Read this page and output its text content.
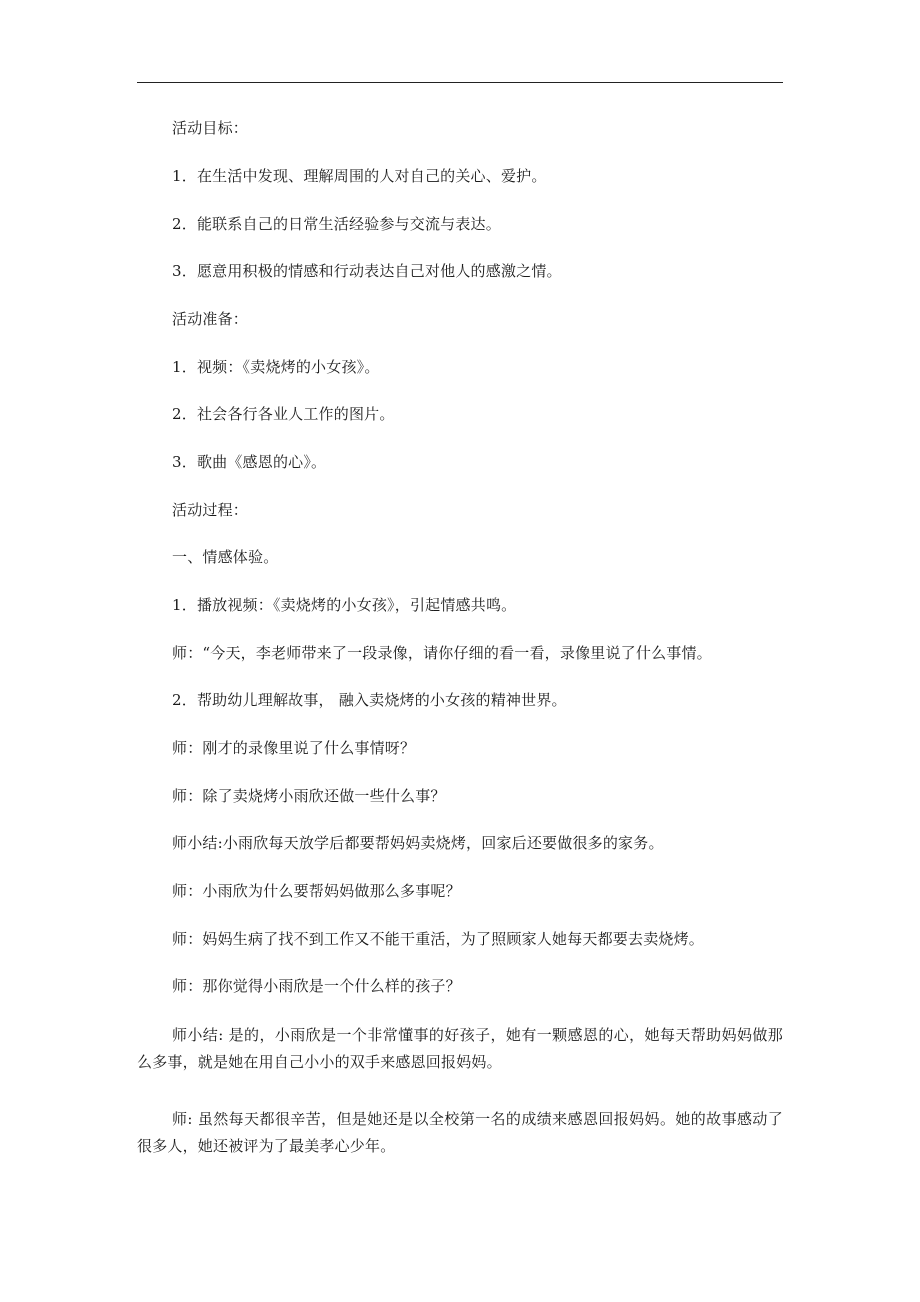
活动目标：

1．在生活中发现、理解周围的人对自己的关心、爱护。

2．能联系自己的日常生活经验参与交流与表达。

3．愿意用积极的情感和行动表达自己对他人的感激之情。

活动准备：

1．视频：《卖烧烤的小女孩》。

2．社会各行各业人工作的图片。

3．歌曲《感恩的心》。

活动过程：

一、情感体验。

1．播放视频：《卖烧烤的小女孩》，引起情感共鸣。

师：“今天，李老师带来了一段录像，请你仔细的看一看，录像里说了什么事情。

2．帮助幼儿理解故事， 融入卖烧烤的小女孩的精神世界。

师：刚才的录像里说了什么事情呀？

师：除了卖烧烤小雨欣还做一些什么事？

师小结:小雨欣每天放学后都要帮妈妈卖烧烤，回家后还要做很多的家务。

师：小雨欣为什么要帮妈妈做那么多事呢？

师：妈妈生病了找不到工作又不能干重活，为了照顾家人她每天都要去卖烧烤。

师：那你觉得小雨欣是一个什么样的孩子？

师小结: 是的，小雨欣是一个非常懂事的好孩子，她有一颗感恩的心，她每天帮助妈妈做那么多事，就是她在用自己小小的双手来感恩回报妈妈。

师: 虽然每天都很辛苦，但是她还是以全校第一名的成绩来感恩回报妈妈。她的故事感动了很多人，她还被评为了最美孝心少年。
